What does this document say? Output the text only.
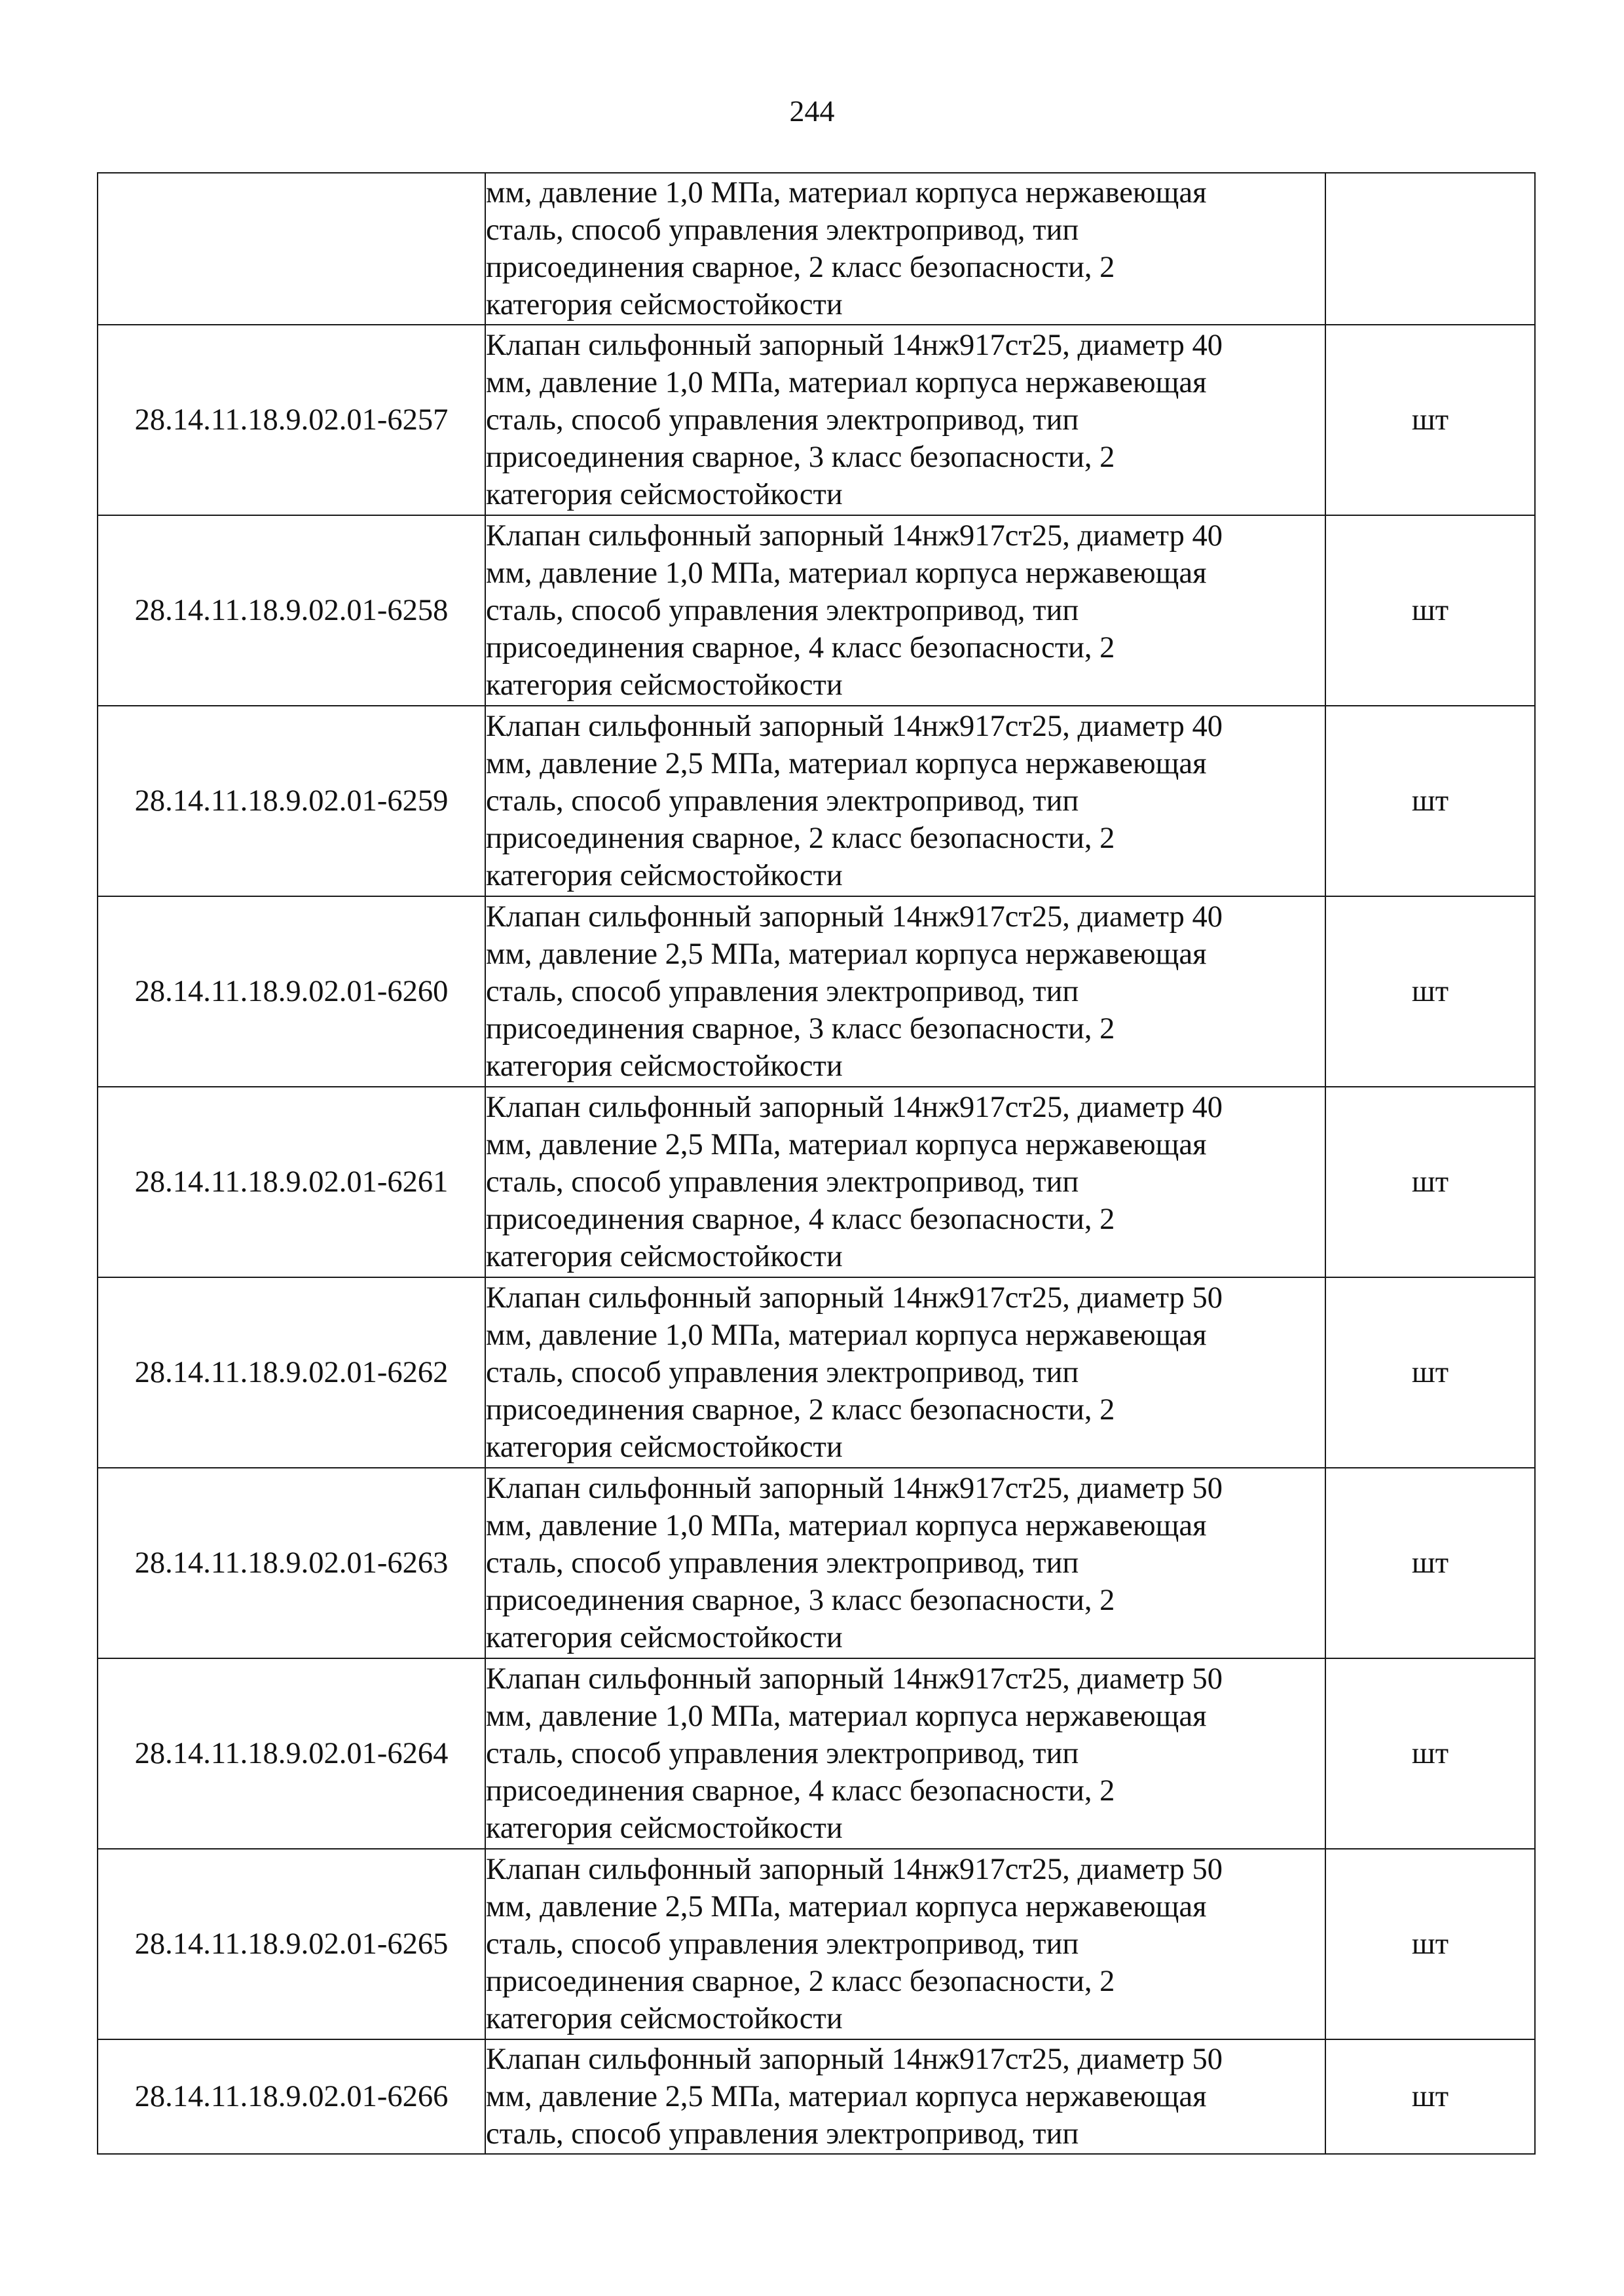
244

	мм, давление 1,0 МПа, материал корпуса нержавеющая
сталь, способ управления электропривод, тип
присоединения сварное, 2 класс безопасности, 2
категория сейсмостойкости	

28.14.11.18.9.02.01-6257	Клапан сильфонный запорный 14нж917ст25, диаметр 40
мм, давление 1,0 МПа, материал корпуса нержавеющая
сталь, способ управления электропривод, тип
присоединения сварное, 3 класс безопасности, 2
категория сейсмостойкости	шт
28.14.11.18.9.02.01-6258	Клапан сильфонный запорный 14нж917ст25, диаметр 40
мм, давление 1,0 МПа, материал корпуса нержавеющая
сталь, способ управления электропривод, тип
присоединения сварное, 4 класс безопасности, 2
категория сейсмостойкости	шт
28.14.11.18.9.02.01-6259	Клапан сильфонный запорный 14нж917ст25, диаметр 40
мм, давление 2,5 МПа, материал корпуса нержавеющая
сталь, способ управления электропривод, тип
присоединения сварное, 2 класс безопасности, 2
категория сейсмостойкости	шт
28.14.11.18.9.02.01-6260	Клапан сильфонный запорный 14нж917ст25, диаметр 40
мм, давление 2,5 МПа, материал корпуса нержавеющая
сталь, способ управления электропривод, тип
присоединения сварное, 3 класс безопасности, 2
категория сейсмостойкости	шт
28.14.11.18.9.02.01-6261	Клапан сильфонный запорный 14нж917ст25, диаметр 40
мм, давление 2,5 МПа, материал корпуса нержавеющая
сталь, способ управления электропривод, тип
присоединения сварное, 4 класс безопасности, 2
категория сейсмостойкости	шт
28.14.11.18.9.02.01-6262	Клапан сильфонный запорный 14нж917ст25, диаметр 50
мм, давление 1,0 МПа, материал корпуса нержавеющая
сталь, способ управления электропривод, тип
присоединения сварное, 2 класс безопасности, 2
категория сейсмостойкости	шт
28.14.11.18.9.02.01-6263	Клапан сильфонный запорный 14нж917ст25, диаметр 50
мм, давление 1,0 МПа, материал корпуса нержавеющая
сталь, способ управления электропривод, тип
присоединения сварное, 3 класс безопасности, 2
категория сейсмостойкости	шт
28.14.11.18.9.02.01-6264	Клапан сильфонный запорный 14нж917ст25, диаметр 50
мм, давление 1,0 МПа, материал корпуса нержавеющая
сталь, способ управления электропривод, тип
присоединения сварное, 4 класс безопасности, 2
категория сейсмостойкости	шт
28.14.11.18.9.02.01-6265	Клапан сильфонный запорный 14нж917ст25, диаметр 50
мм, давление 2,5 МПа, материал корпуса нержавеющая
сталь, способ управления электропривод, тип
присоединения сварное, 2 класс безопасности, 2
категория сейсмостойкости	шт
28.14.11.18.9.02.01-6266	Клапан сильфонный запорный 14нж917ст25, диаметр 50
мм, давление 2,5 МПа, материал корпуса нержавеющая
сталь, способ управления электропривод, тип	шт
